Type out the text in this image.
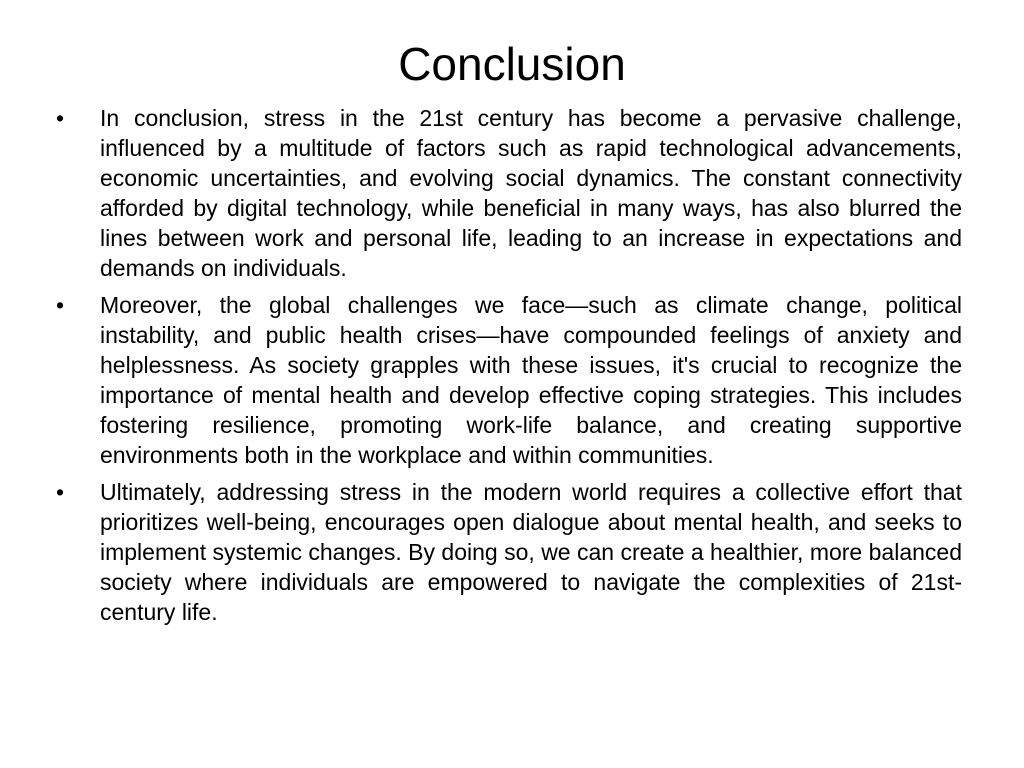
Conclusion
•	In conclusion, stress in the 21st century has become a pervasive challenge, influenced by a multitude of factors such as rapid technological advancements, economic uncertainties, and evolving social dynamics. The constant connectivity afforded by digital technology, while beneficial in many ways, has also blurred the lines between work and personal life, leading to an increase in expectations and demands on individuals.
•	Moreover, the global challenges we face—such as climate change, political instability, and public health crises—have compounded feelings of anxiety and helplessness. As society grapples with these issues, it's crucial to recognize the importance of mental health and develop effective coping strategies. This includes fostering resilience, promoting work-life balance, and creating supportive environments both in the workplace and within communities.
•	Ultimately, addressing stress in the modern world requires a collective effort that prioritizes well-being, encourages open dialogue about mental health, and seeks to implement systemic changes. By doing so, we can create a healthier, more balanced society where individuals are empowered to navigate the complexities of 21st-century life.
